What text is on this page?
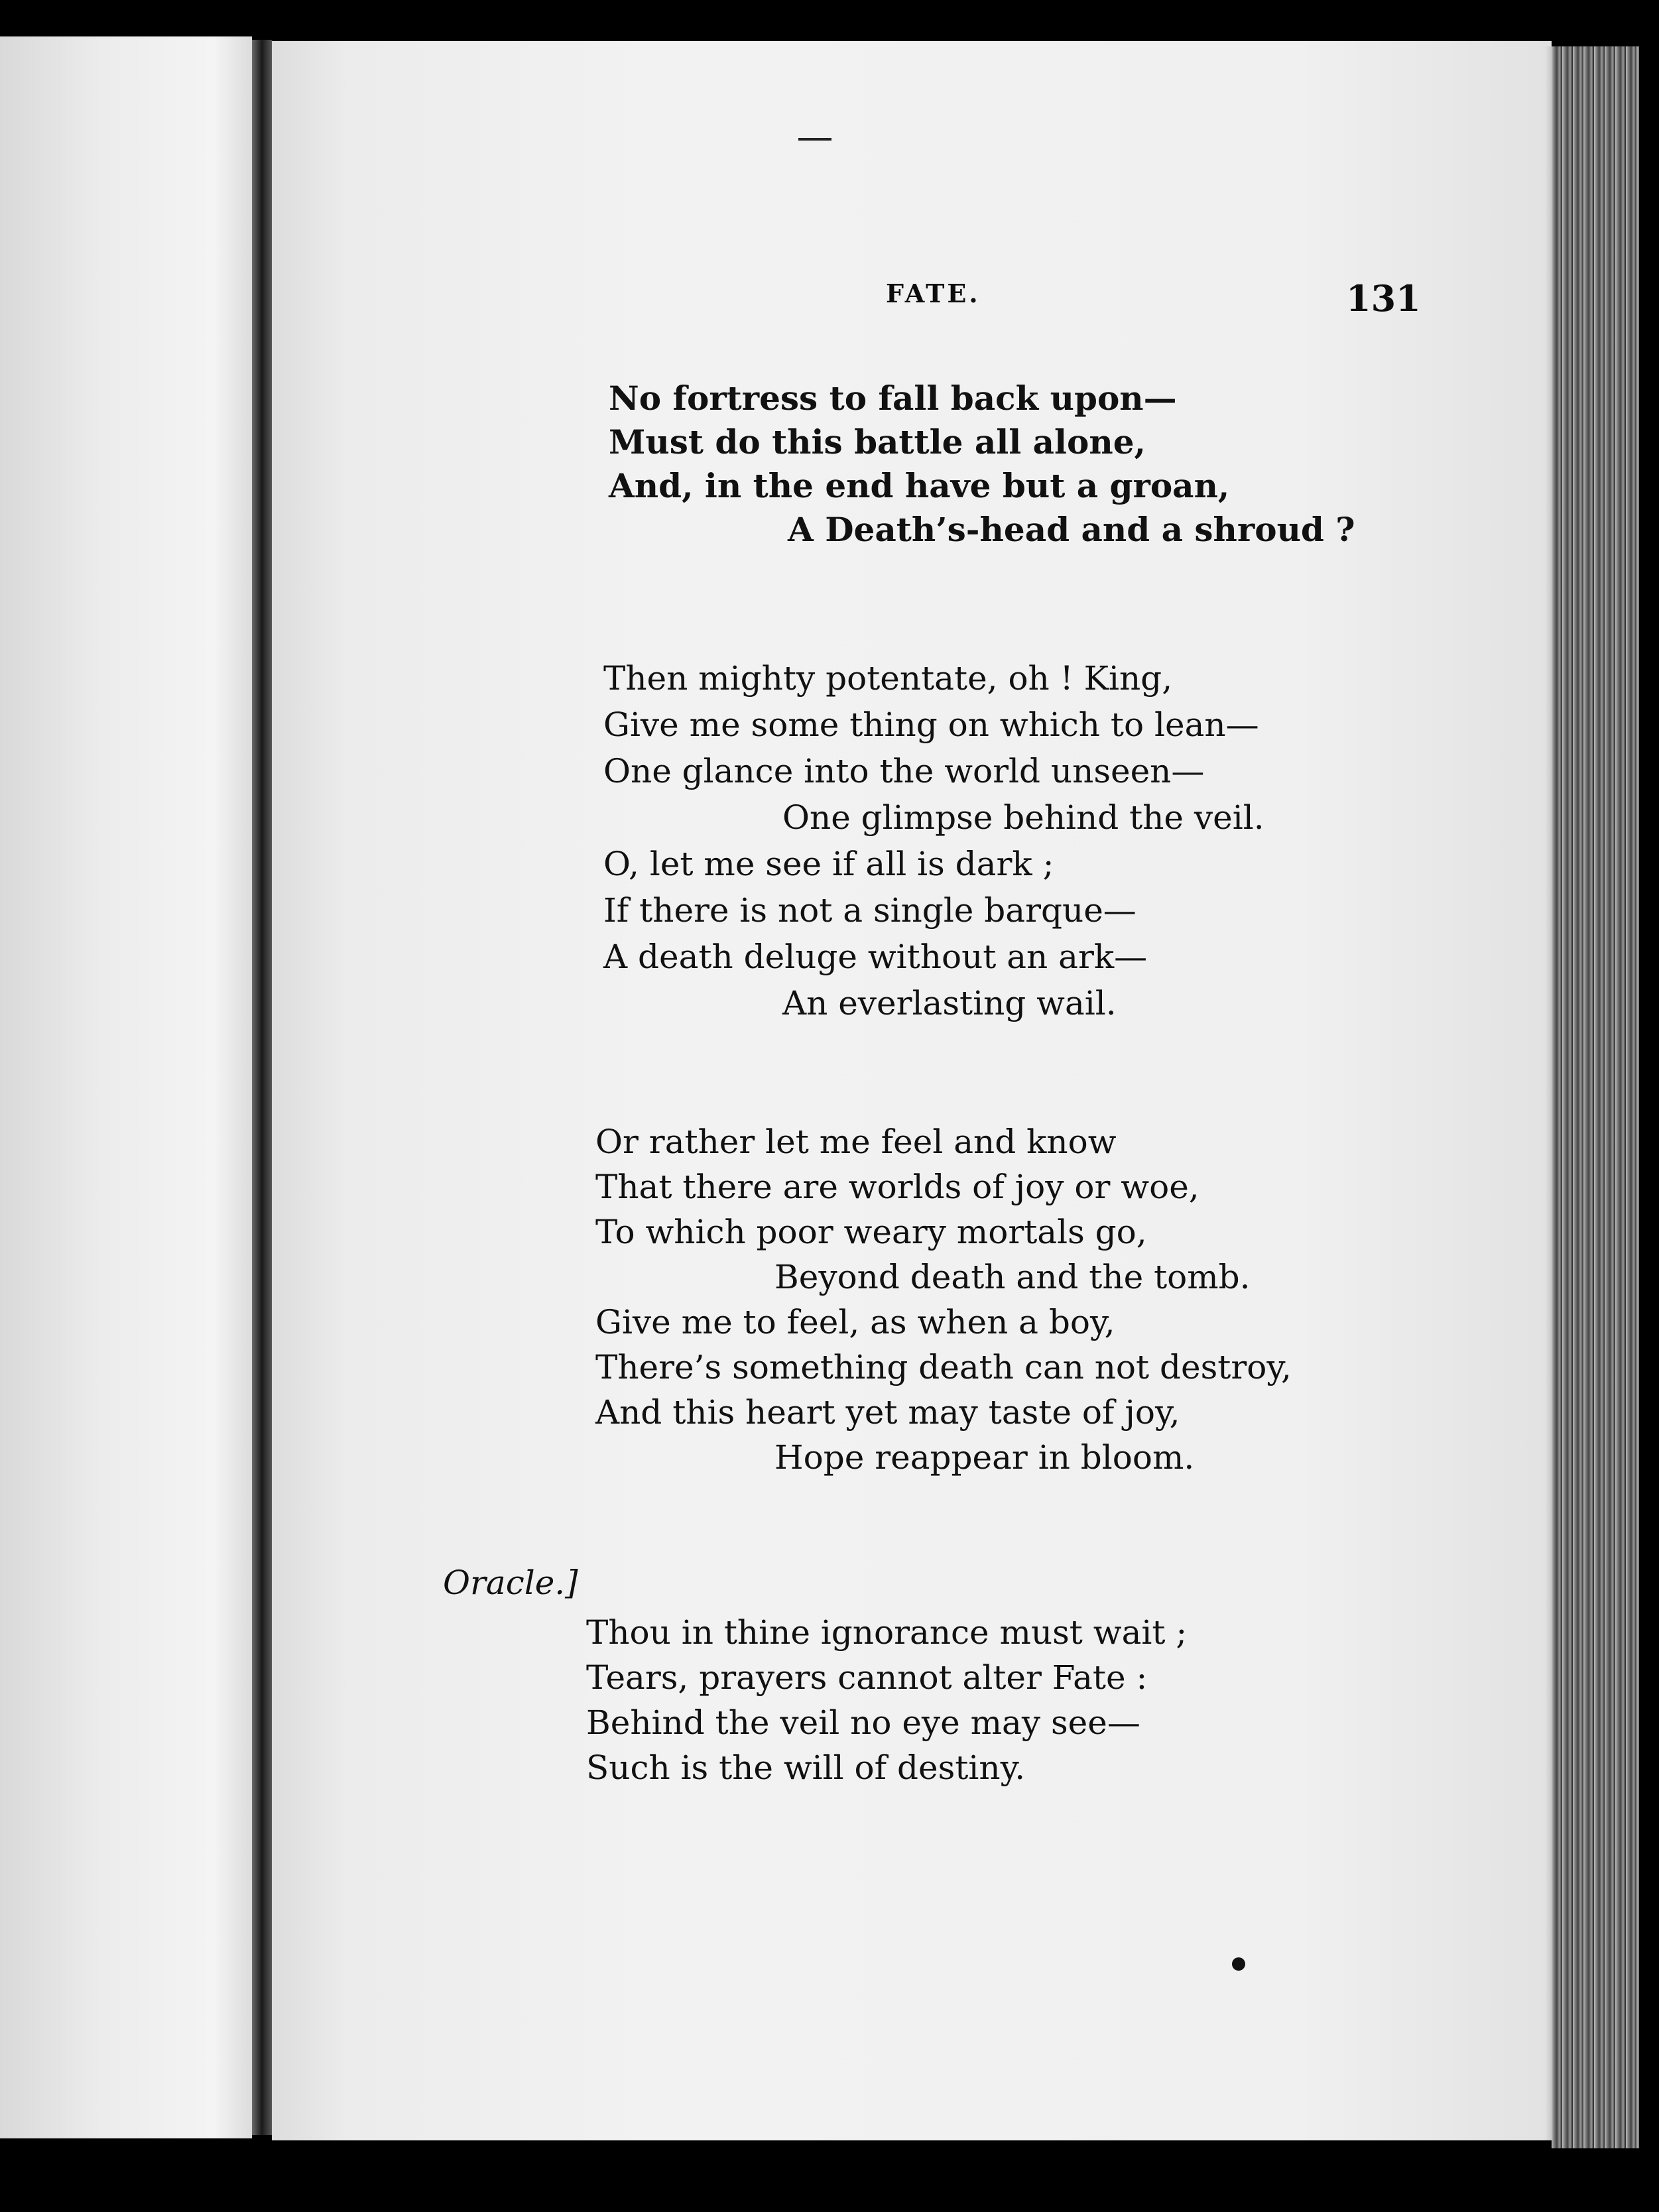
FATE.	131
No fortress to fall back upon—
Must do this battle all alone,
And, in the end have but a groan,
A Death’s-head and a shroud ?
Then mighty potentate, oh ! King,
Give me some thing on which to lean—
One glance into the world unseen—
One glimpse behind the veil.
O, let me see if all is dark ;
If there is not a single barque—
A death deluge without an ark—
An everlasting wail.
Or rather let me feel and know
That there are worlds of joy or woe,
To which poor weary mortals go,
Beyond death and the tomb.
Give me to feel, as when a boy,
There’s something death can not destroy,
And this heart yet may taste of joy,
Hope reappear in bloom.
Oracle.]
Thou in thine ignorance must wait ;
Tears, prayers cannot alter Fate :
Behind the veil no eye may see—
Such is the will of destiny.
